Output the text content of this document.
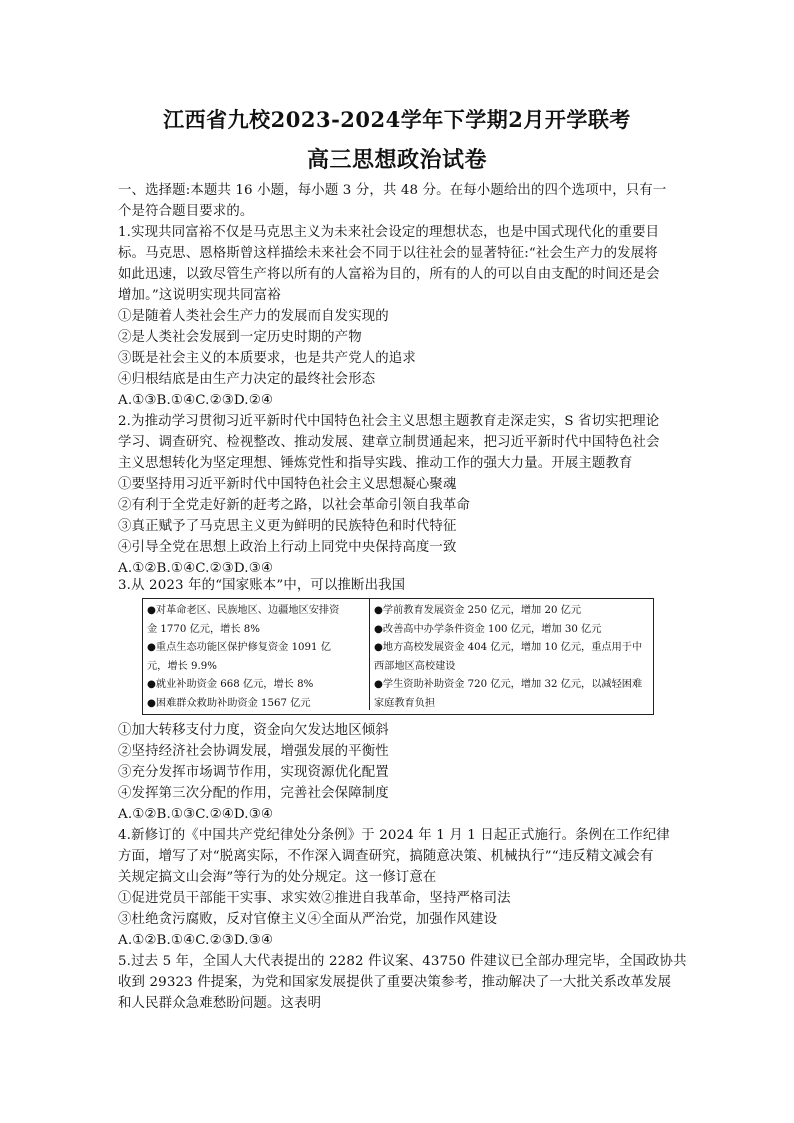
江西省九校2023-2024学年下学期2月开学联考
高三思想政治试卷
一、选择题:本题共 16 小题，每小题 3 分，共 48 分。在每小题给出的四个选项中，只有一
个是符合题目要求的。
1.实现共同富裕不仅是马克思主义为未来社会设定的理想状态，也是中国式现代化的重要目
标。马克思、恩格斯曾这样描绘未来社会不同于以往社会的显著特征:“社会生产力的发展将
如此迅速，以致尽管生产将以所有的人富裕为目的，所有的人的可以自由支配的时间还是会
增加。”这说明实现共同富裕
①是随着人类社会生产力的发展而自发实现的
②是人类社会发展到一定历史时期的产物
③既是社会主义的本质要求，也是共产党人的追求
④归根结底是由生产力决定的最终社会形态
A.①③B.①④C.②③D.②④
2.为推动学习贯彻习近平新时代中国特色社会主义思想主题教育走深走实，S 省切实把理论
学习、调查研究、检视整改、推动发展、建章立制贯通起来，把习近平新时代中国特色社会
主义思想转化为坚定理想、锤炼党性和指导实践、推动工作的强大力量。开展主题教育
①要坚持用习近平新时代中国特色社会主义思想凝心聚魂
②有利于全党走好新的赶考之路，以社会革命引领自我革命
③真正赋予了马克思主义更为鲜明的民族特色和时代特征
④引导全党在思想上政治上行动上同党中央保持高度一致
A.①②B.①④C.②③D.③④
3.从 2023 年的“国家账本”中，可以推断出我国
●对革命老区、民族地区、边疆地区安排资
金 1770 亿元，增长 8%
●重点生态功能区保护修复资金 1091 亿
元，增长 9.9%
●就业补助资金 668 亿元，增长 8%
●困难群众救助补助资金 1567 亿元
●学前教育发展资金 250 亿元，增加 20 亿元
●改善高中办学条件资金 100 亿元，增加 30 亿元
●地方高校发展资金 404 亿元，增加 10 亿元，重点用于中
西部地区高校建设
●学生资助补助资金 720 亿元，增加 32 亿元，以减轻困难
家庭教育负担
①加大转移支付力度，资金向欠发达地区倾斜
②坚持经济社会协调发展，增强发展的平衡性
③充分发挥市场调节作用，实现资源优化配置
④发挥第三次分配的作用，完善社会保障制度
A.①②B.①③C.②④D.③④
4.新修订的《中国共产党纪律处分条例》于 2024 年 1 月 1 日起正式施行。条例在工作纪律
方面，增写了对“脱离实际，不作深入调查研究，搞随意决策、机械执行”“违反精文减会有
关规定搞文山会海”等行为的处分规定。这一修订意在
①促进党员干部能干实事、求实效②推进自我革命，坚持严格司法
③杜绝贪污腐败，反对官僚主义④全面从严治党，加强作风建设
A.①②B.①④C.②③D.③④
5.过去 5 年，全国人大代表提出的 2282 件议案、43750 件建议已全部办理完毕，全国政协共
收到 29323 件提案，为党和国家发展提供了重要决策参考，推动解决了一大批关系改革发展
和人民群众急难愁盼问题。这表明
